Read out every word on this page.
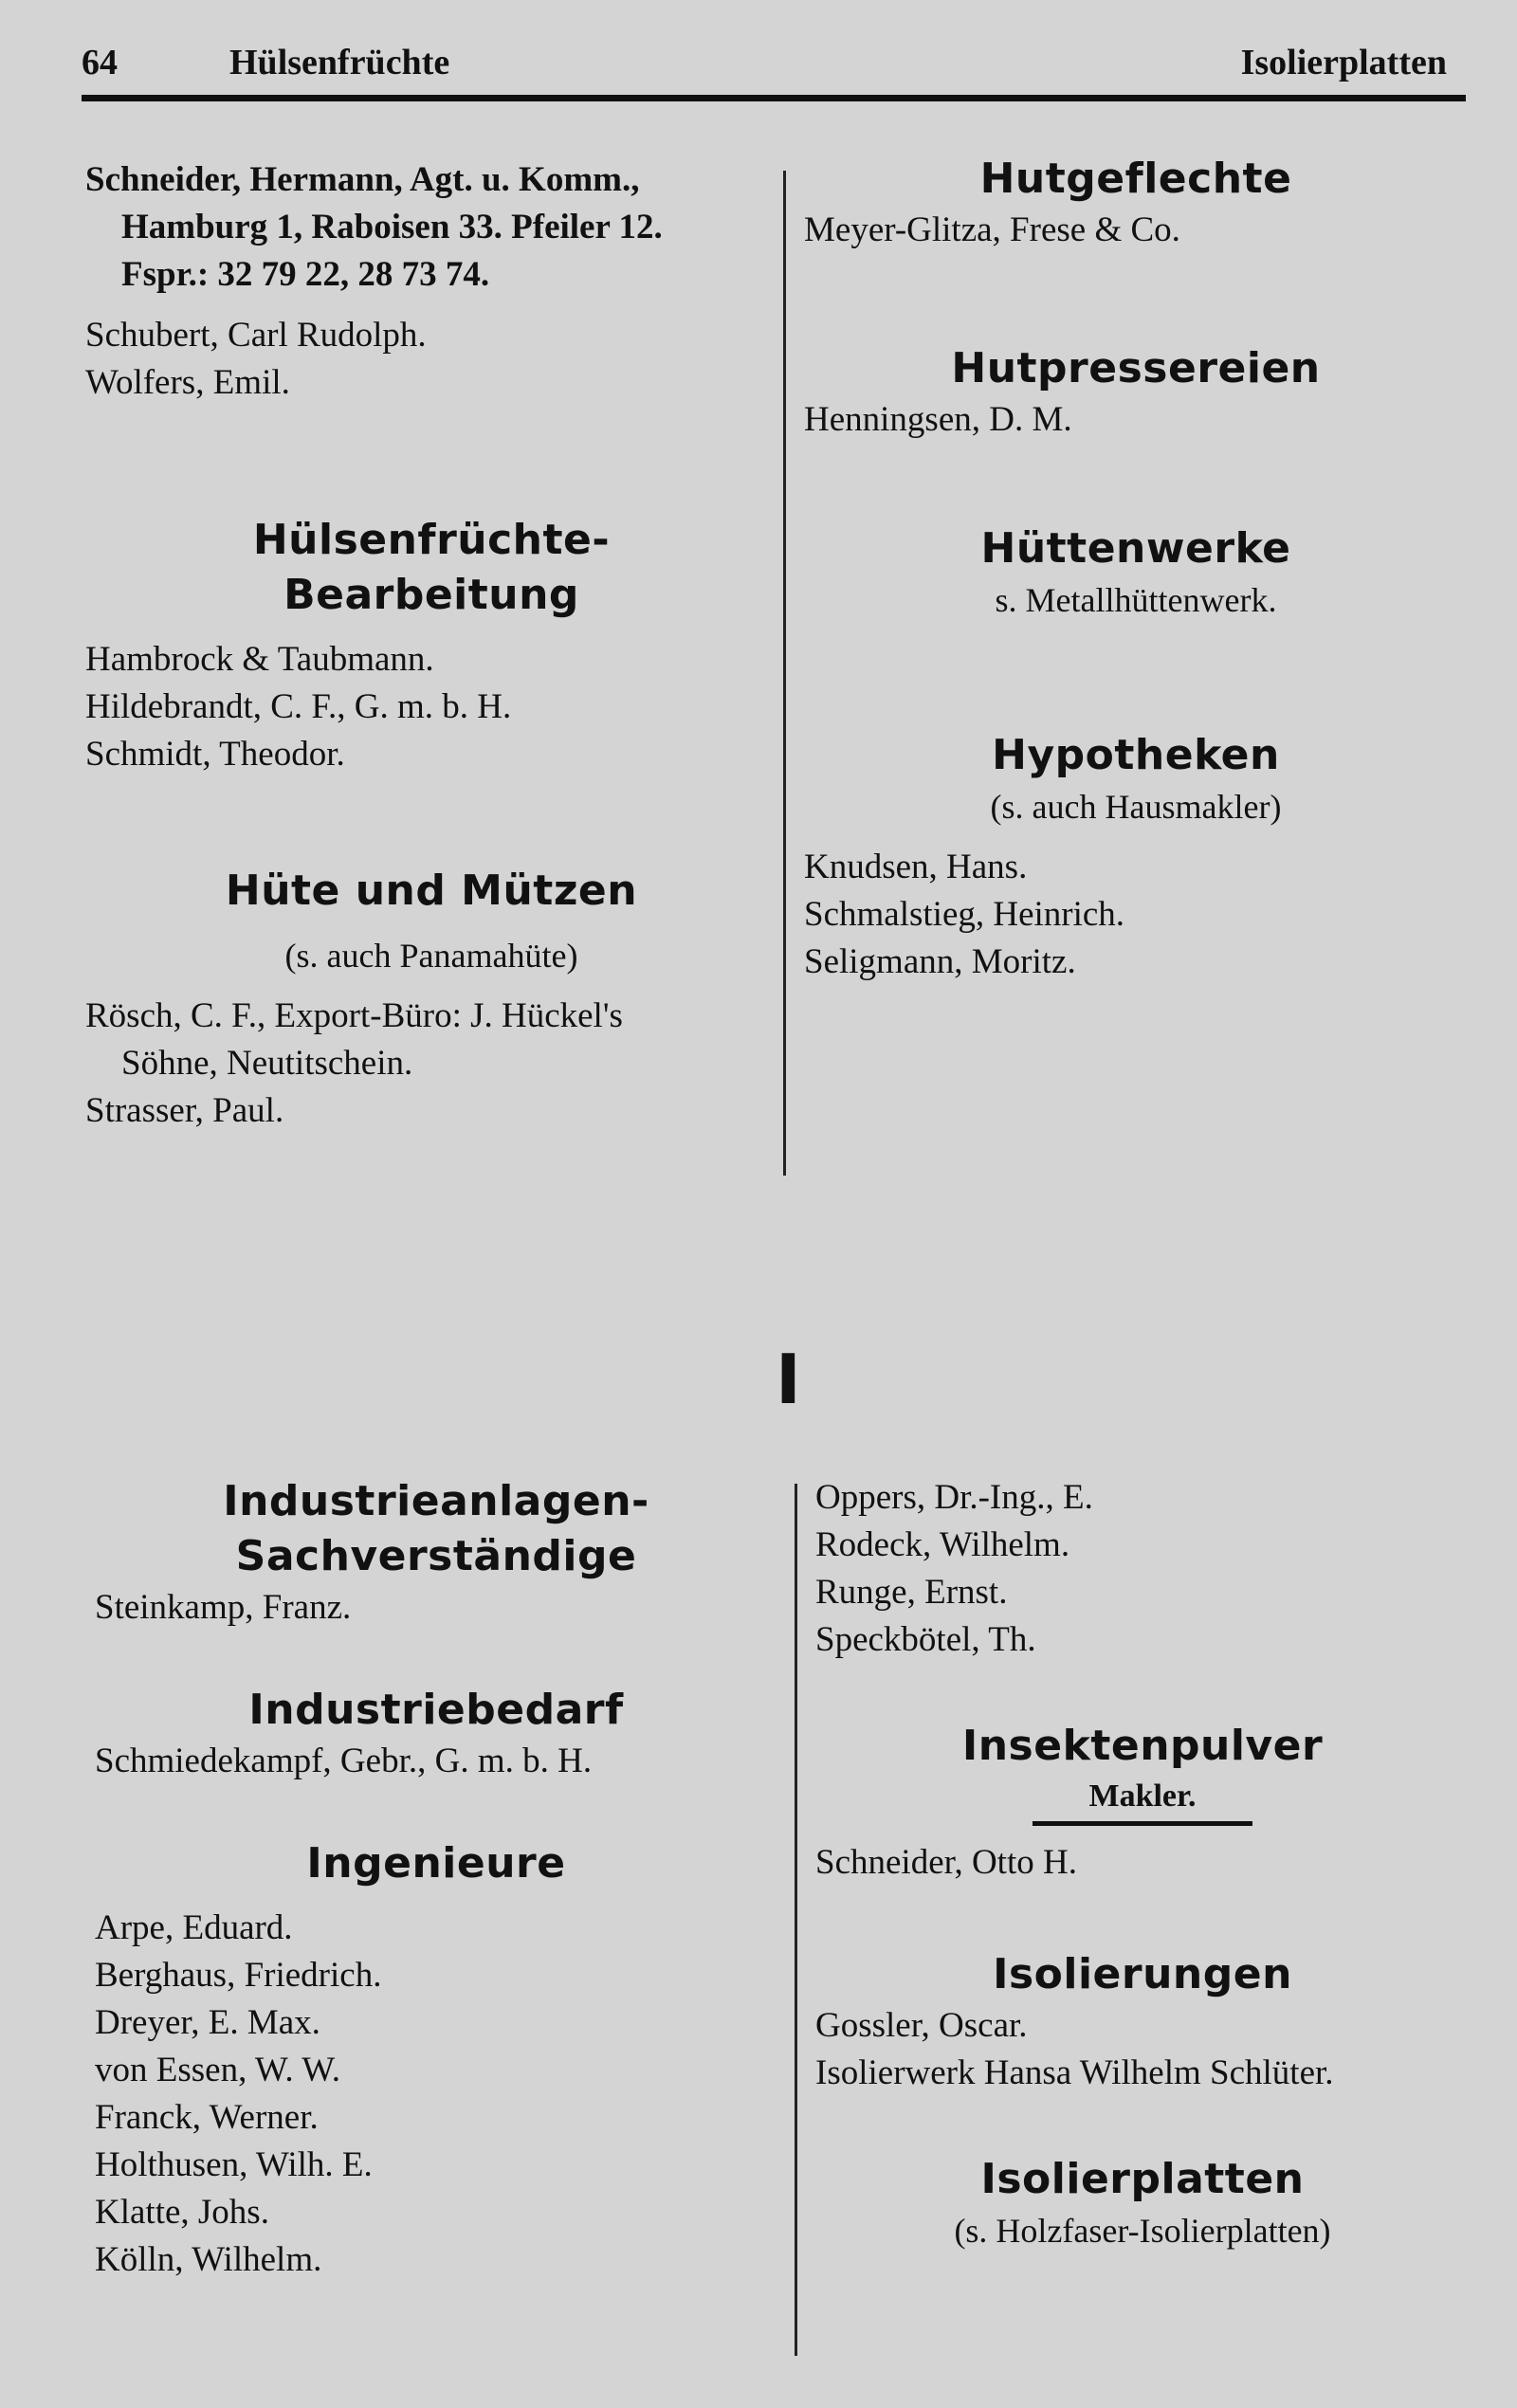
64	Hülsenfrüchte	Isolierplatten
Schneider, Hermann, Agt. u. Komm.,
Hamburg 1, Raboisen 33. Pfeiler 12.
Fspr.: 32 79 22, 28 73 74.
Schubert, Carl Rudolph.
Wolfers, Emil.
Hülsenfrüchte-
Bearbeitung
Hambrock & Taubmann.
Hildebrandt, C. F., G. m. b. H.
Schmidt, Theodor.
Hüte und Mützen
(s. auch Panamahüte)
Rösch, C. F., Export-Büro: J. Hückel's
Söhne, Neutitschein.
Strasser, Paul.
Hutgeflechte
Meyer-Glitza, Frese & Co.
Hutpressereien
Henningsen, D. M.
Hüttenwerke
s. Metallhüttenwerk.
Hypotheken
(s. auch Hausmakler)
Knudsen, Hans.
Schmalstieg, Heinrich.
Seligmann, Moritz.
I
Industrieanlagen-
Sachverständige
Steinkamp, Franz.
Industriebedarf
Schmiedekampf, Gebr., G. m. b. H.
Ingenieure
Arpe, Eduard.
Berghaus, Friedrich.
Dreyer, E. Max.
von Essen, W. W.
Franck, Werner.
Holthusen, Wilh. E.
Klatte, Johs.
Kölln, Wilhelm.
Oppers, Dr.-Ing., E.
Rodeck, Wilhelm.
Runge, Ernst.
Speckbötel, Th.
Insektenpulver
Makler.
Schneider, Otto H.
Isolierungen
Gossler, Oscar.
Isolierwerk Hansa Wilhelm Schlüter.
Isolierplatten
(s. Holzfaser-Isolierplatten)
